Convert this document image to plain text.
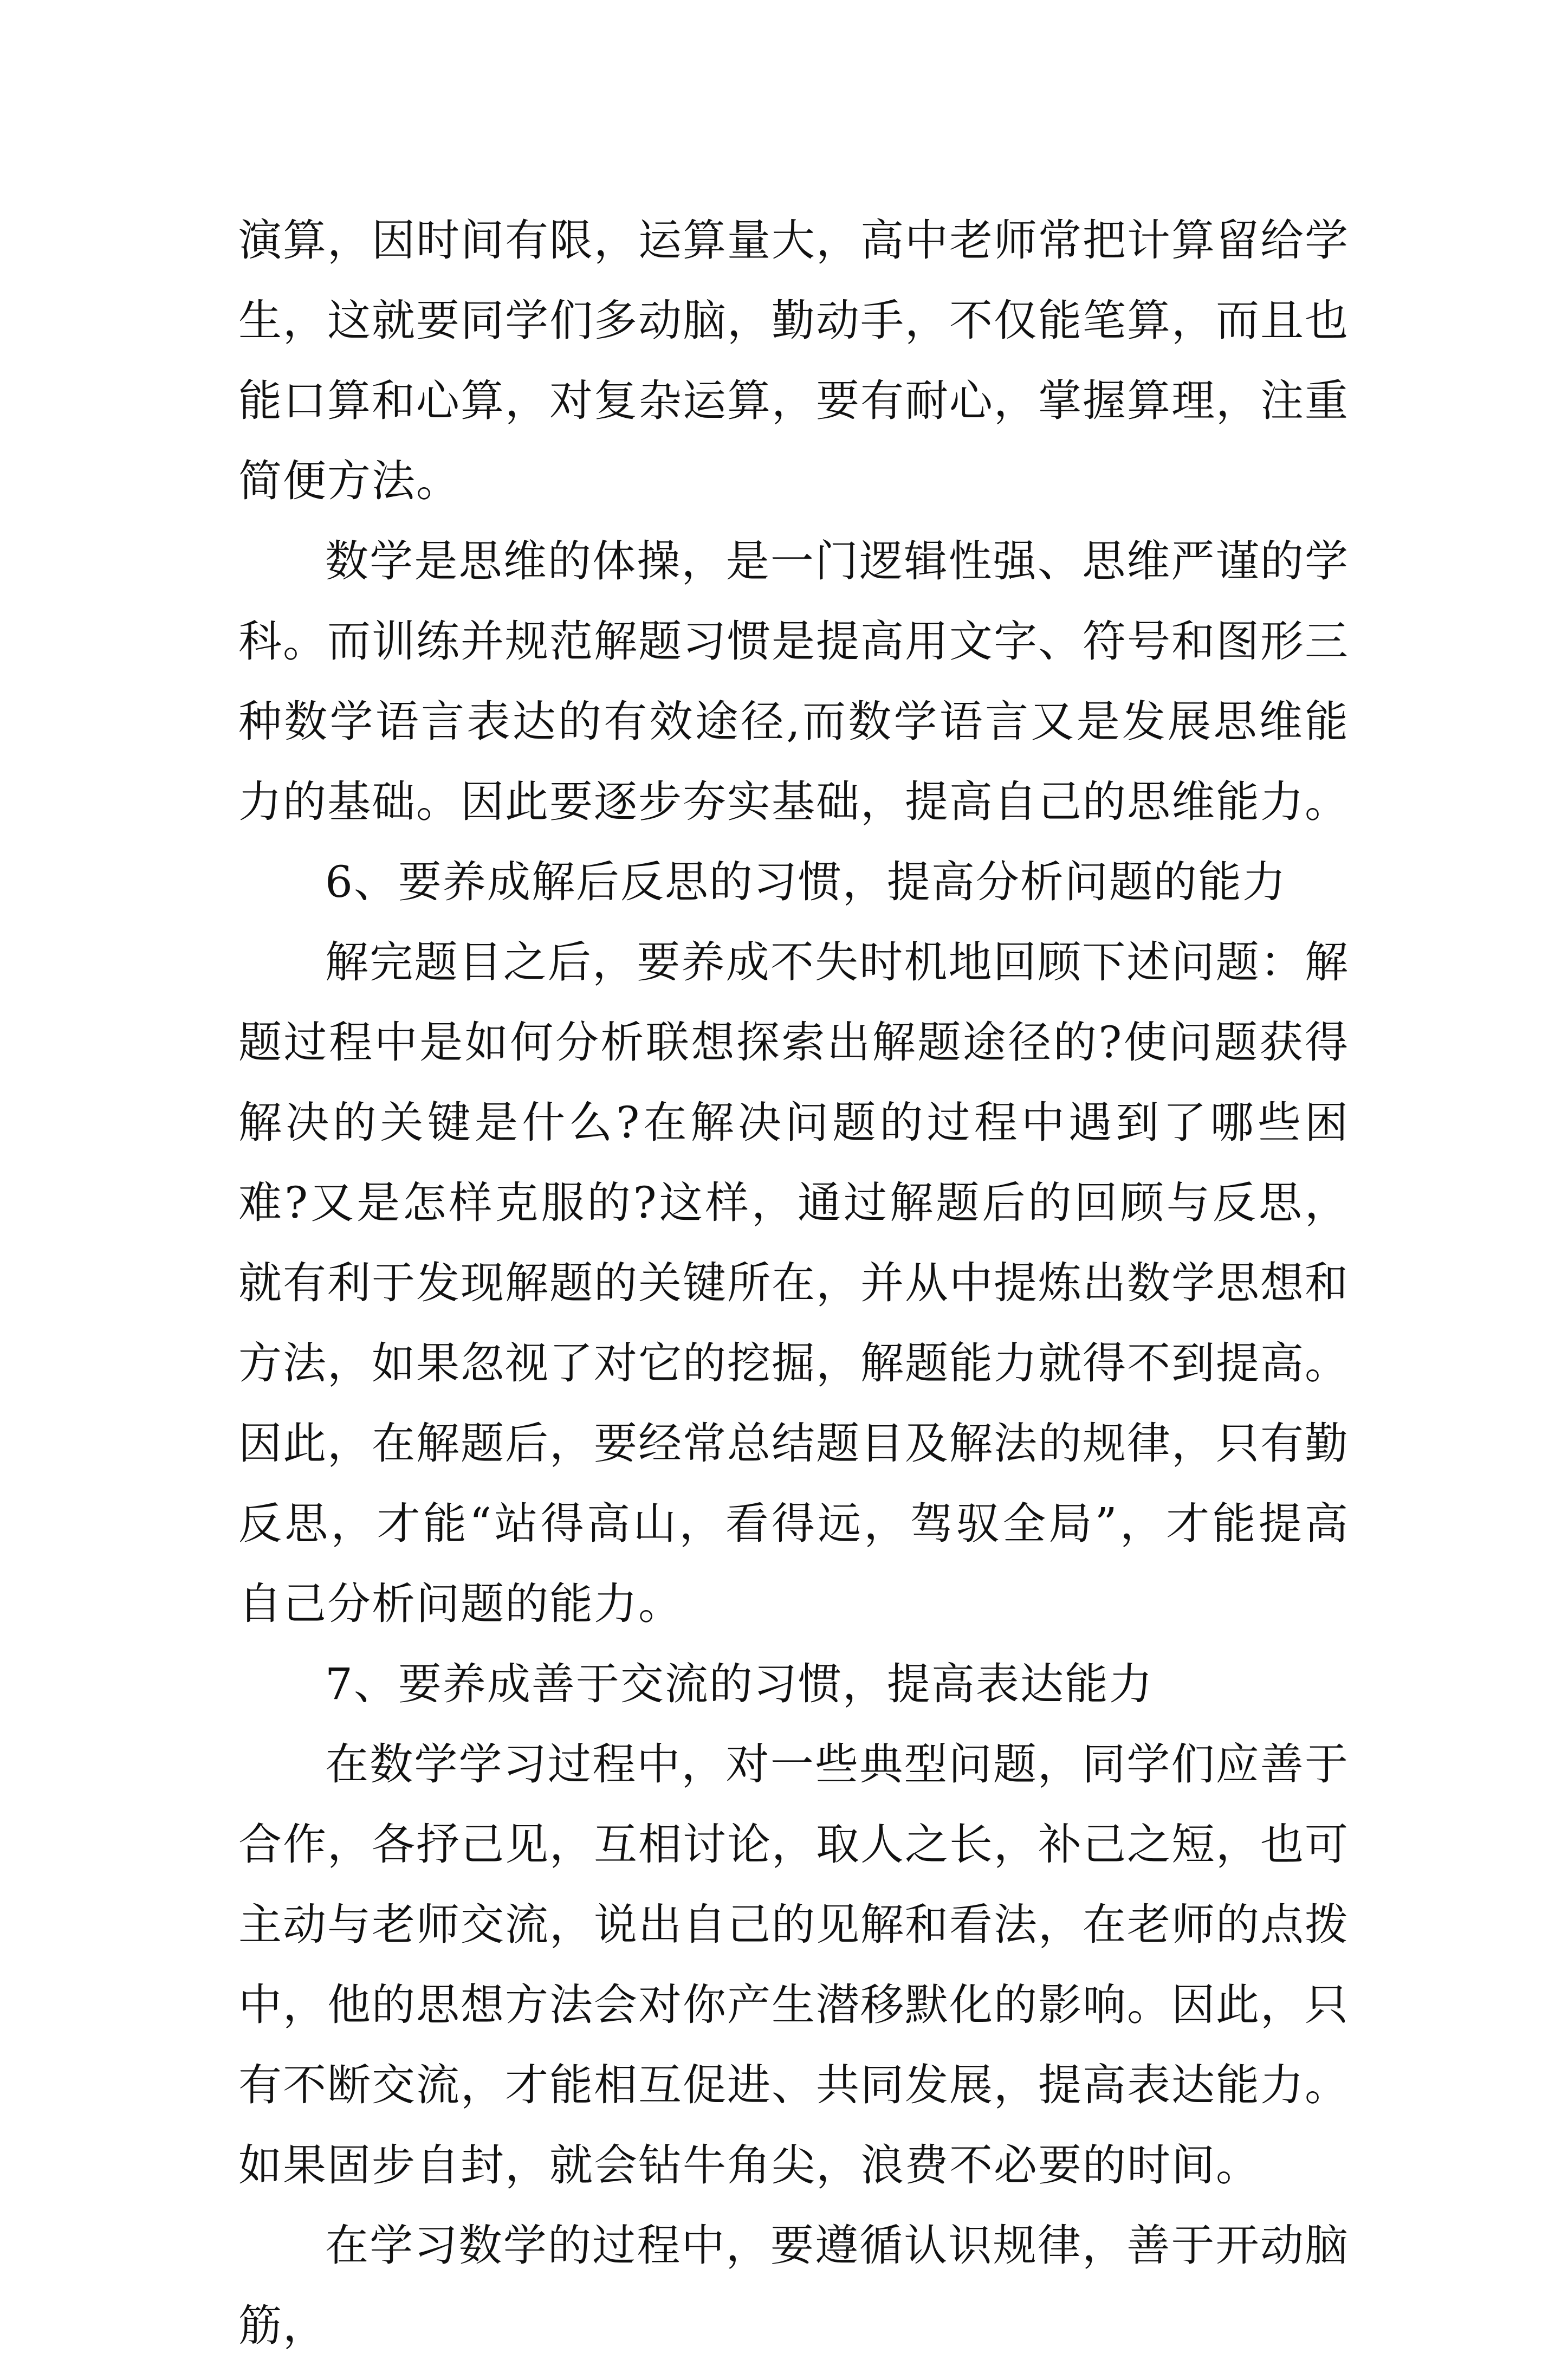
演算，因时间有限，运算量大，高中老师常把计算留给学生，这就要同学们多动脑，勤动手，不仅能笔算，而且也能口算和心算，对复杂运算，要有耐心，掌握算理，注重简便方法。

数学是思维的体操，是一门逻辑性强、思维严谨的学科。而训练并规范解题习惯是提高用文字、符号和图形三种数学语言表达的有效途径,而数学语言又是发展思维能力的基础。因此要逐步夯实基础，提高自己的思维能力。

6、要养成解后反思的习惯，提高分析问题的能力

解完题目之后，要养成不失时机地回顾下述问题：解题过程中是如何分析联想探索出解题途径的?使问题获得解决的关键是什么?在解决问题的过程中遇到了哪些困难?又是怎样克服的?这样，通过解题后的回顾与反思，就有利于发现解题的关键所在，并从中提炼出数学思想和方法，如果忽视了对它的挖掘，解题能力就得不到提高。因此，在解题后，要经常总结题目及解法的规律，只有勤反思，才能“站得高山，看得远，驾驭全局”，才能提高自己分析问题的能力。

7、要养成善于交流的习惯，提高表达能力

在数学学习过程中，对一些典型问题，同学们应善于合作，各抒己见，互相讨论，取人之长，补己之短，也可主动与老师交流，说出自己的见解和看法，在老师的点拨中，他的思想方法会对你产生潜移默化的影响。因此，只有不断交流，才能相互促进、共同发展，提高表达能力。如果固步自封，就会钻牛角尖，浪费不必要的时间。

在学习数学的过程中，要遵循认识规律，善于开动脑筋，
